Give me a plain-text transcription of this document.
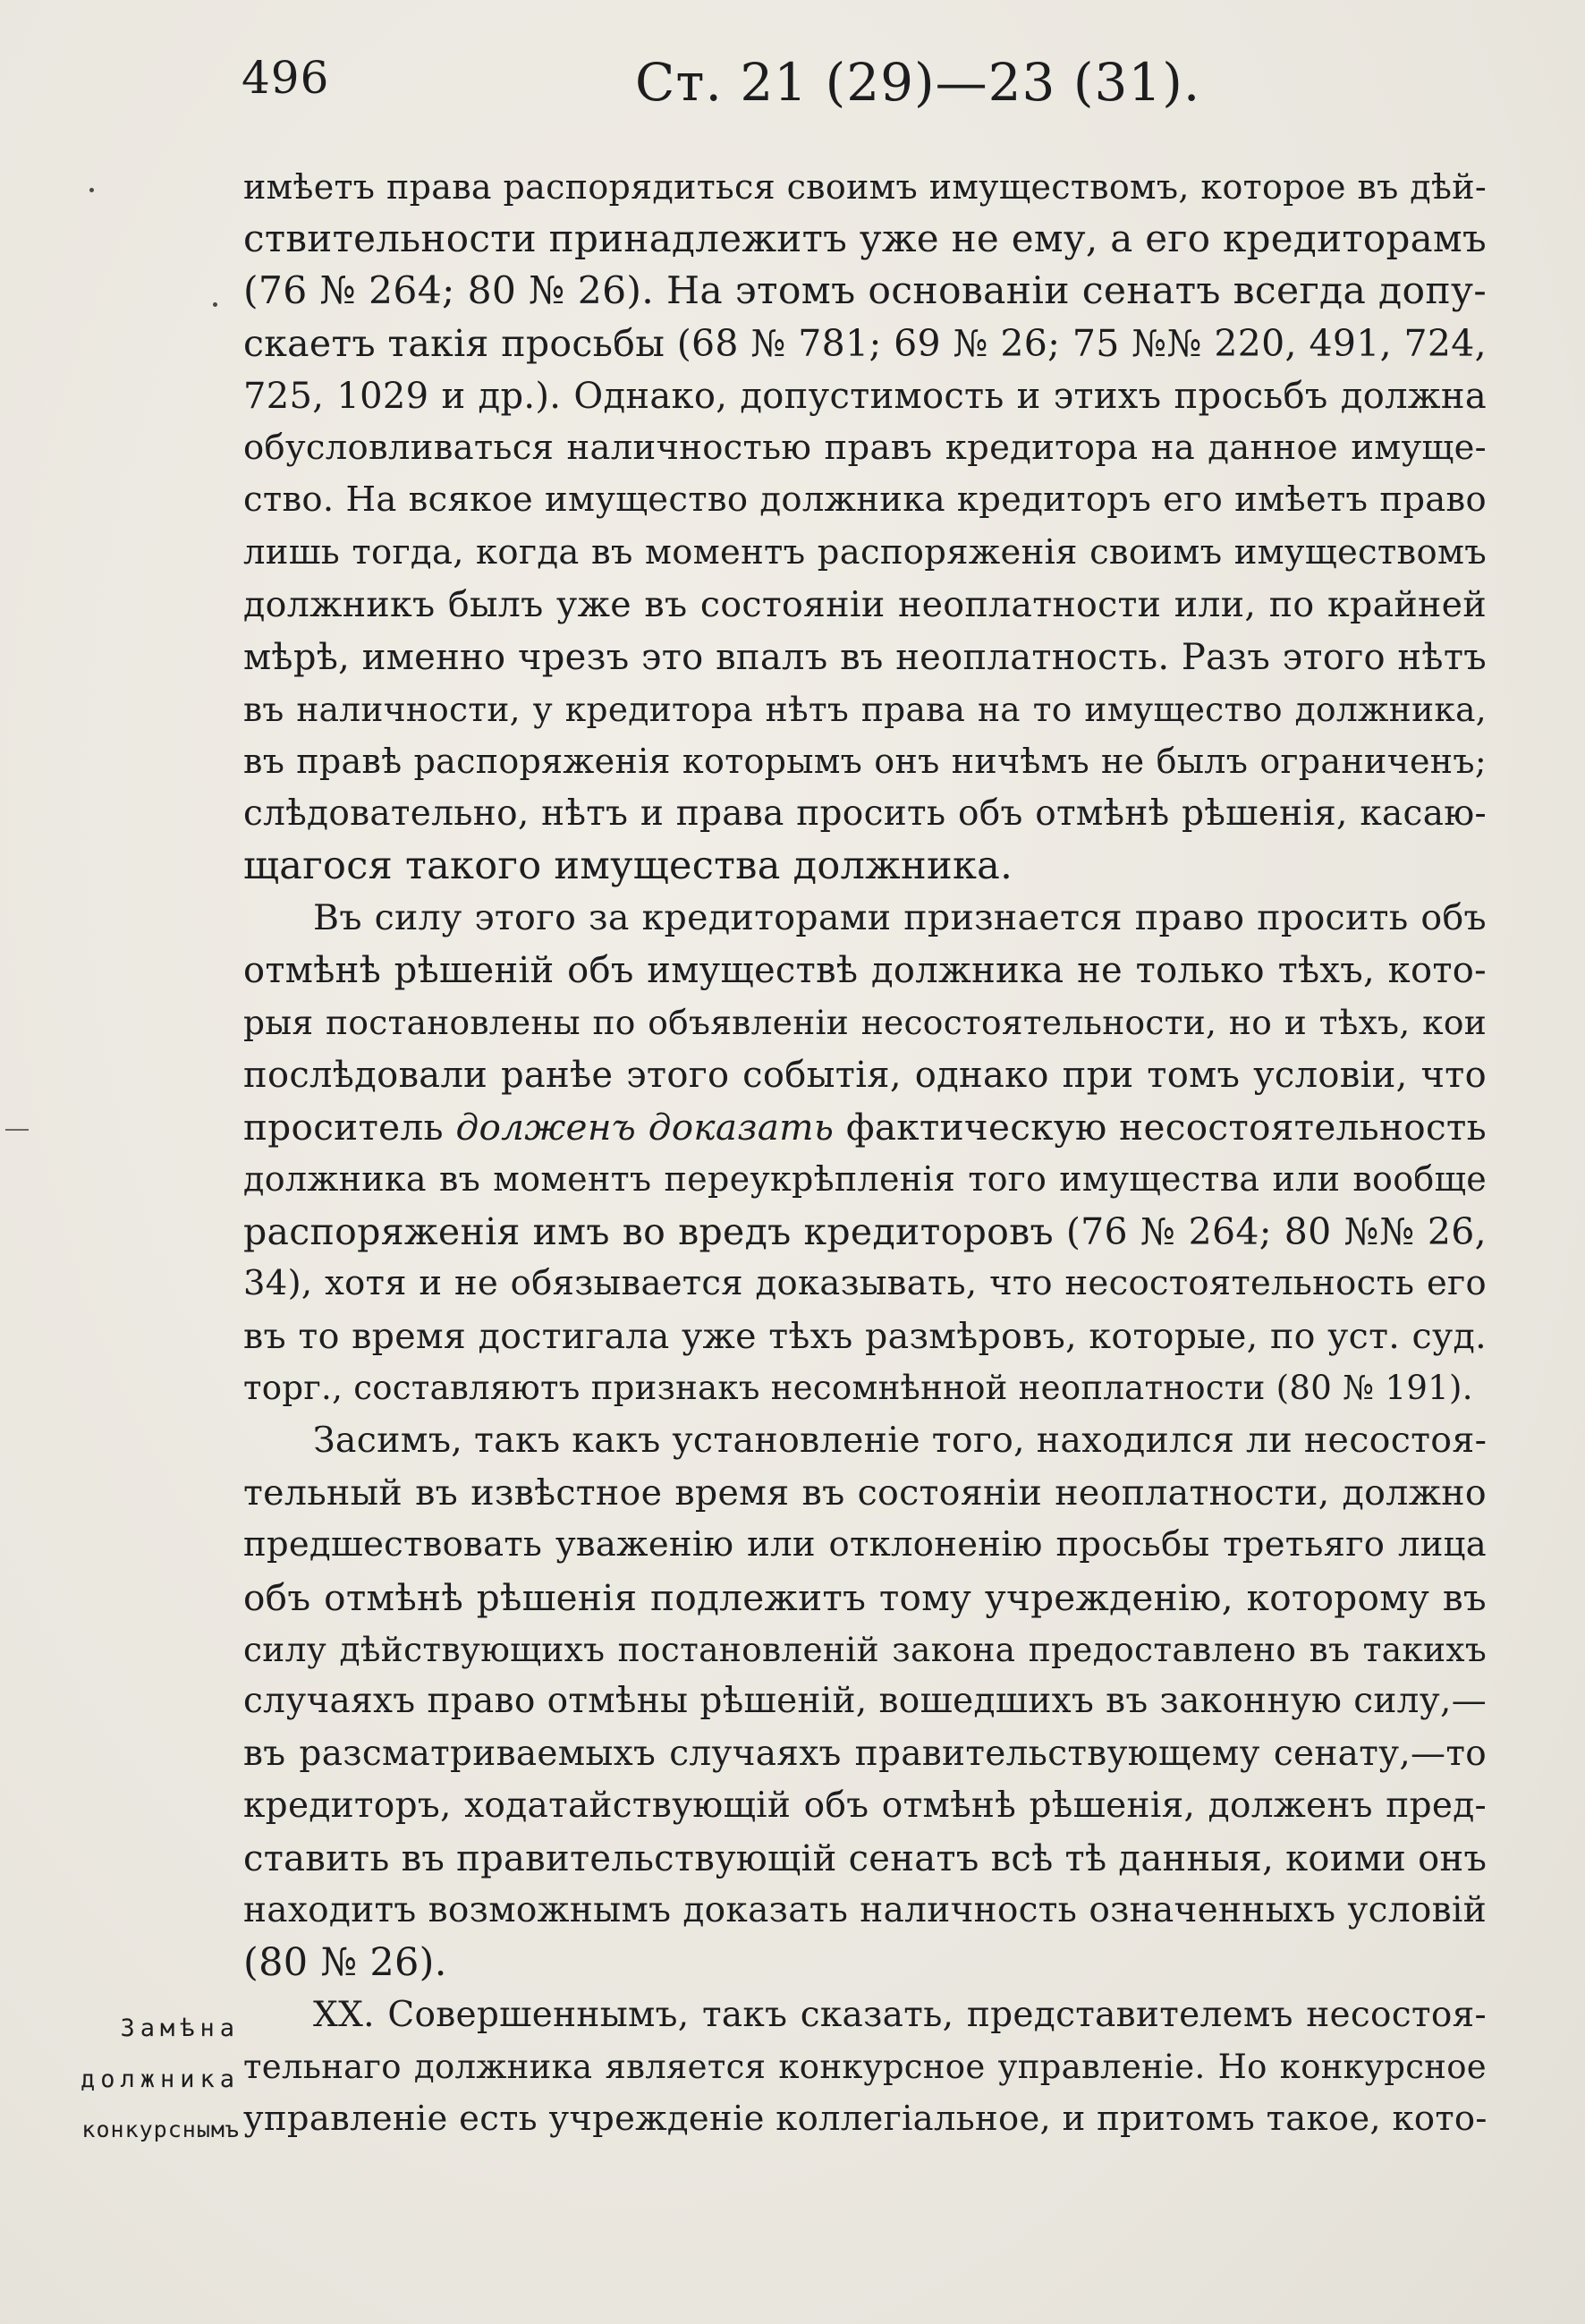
496	Ст. 21 (29)—23 (31).
имѣетъ права распорядиться своимъ имуществомъ, которое въ дѣй-
ствительности принадлежитъ уже не ему, а его кредиторамъ
(76 № 264; 80 № 26). На этомъ основаніи сенатъ всегда допу-
скаетъ такія просьбы (68 № 781; 69 № 26; 75 №№ 220, 491, 724,
725, 1029 и др.). Однако, допустимость и этихъ просьбъ должна
обусловливаться наличностью правъ кредитора на данное имуще-
ство. На всякое имущество должника кредиторъ его имѣетъ право
лишь тогда, когда въ моментъ распоряженія своимъ имуществомъ
должникъ былъ уже въ состояніи неоплатности или, по крайней
мѣрѣ, именно чрезъ это впалъ въ неоплатность. Разъ этого нѣтъ
въ наличности, у кредитора нѣтъ права на то имущество должника,
въ правѣ распоряженія которымъ онъ ничѣмъ не былъ ограниченъ;
слѣдовательно, нѣтъ и права просить объ отмѣнѣ рѣшенія, касаю-
щагося такого имущества должника.
Въ силу этого за кредиторами признается право просить объ
отмѣнѣ рѣшеній объ имуществѣ должника не только тѣхъ, кото-
рыя постановлены по объявленіи несостоятельности, но и тѣхъ, кои
послѣдовали ранѣе этого событія, однако при томъ условіи, что
проситель долженъ доказать фактическую несостоятельность
должника въ моментъ переукрѣпленія того имущества или вообще
распоряженія имъ во вредъ кредиторовъ (76 № 264; 80 №№ 26,
34), хотя и не обязывается доказывать, что несостоятельность его
въ то время достигала уже тѣхъ размѣровъ, которые, по уст. суд.
торг., составляютъ признакъ несомнѣнной неоплатности (80 № 191).
Засимъ, такъ какъ установленіе того, находился ли несостоя-
тельный въ извѣстное время въ состояніи неоплатности, должно
предшествовать уваженію или отклоненію просьбы третьяго лица
объ отмѣнѣ рѣшенія подлежитъ тому учрежденію, которому въ
силу дѣйствующихъ постановленій закона предоставлено въ такихъ
случаяхъ право отмѣны рѣшеній, вошедшихъ въ законную силу,—
въ разсматриваемыхъ случаяхъ правительствующему сенату,—то
кредиторъ, ходатайствующій объ отмѣнѣ рѣшенія, долженъ пред-
ставить въ правительствующій сенатъ всѣ тѣ данныя, коими онъ
находитъ возможнымъ доказать наличность означенныхъ условій
(80 № 26).
XX. Совершеннымъ, такъ сказать, представителемъ несостоя-
тельнаго должника является конкурсное управленіе. Но конкурсное
управленіе есть учрежденіе коллегіальное, и притомъ такое, кото-
Замѣна
должника
конкурснымъ
